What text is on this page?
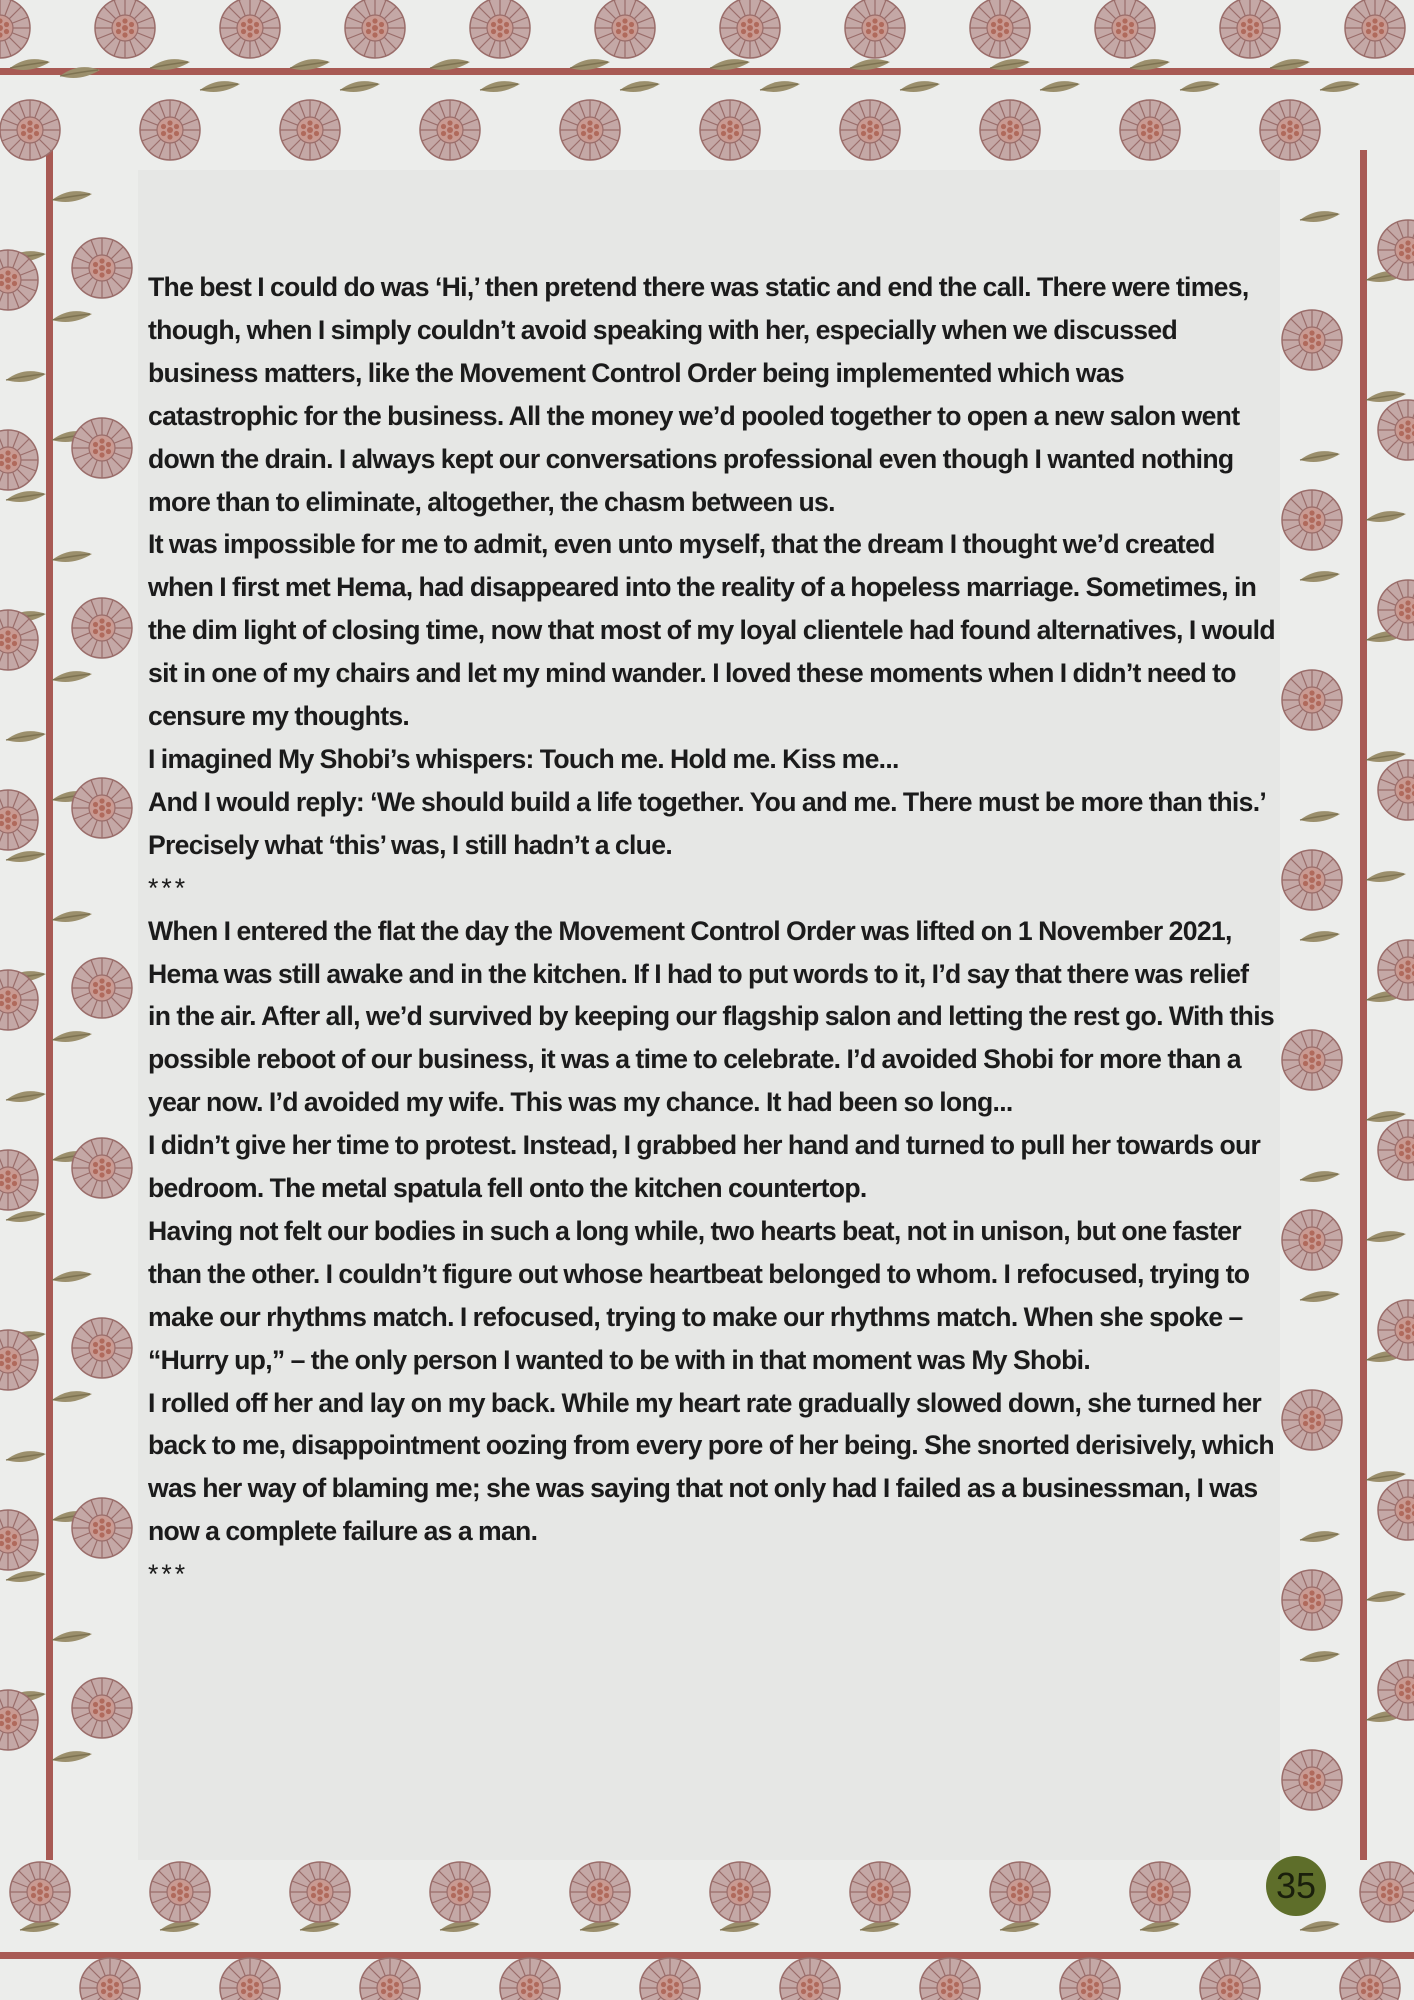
The best I could do was ‘Hi,’ then pretend there was static and end the call. There were times, though, when I simply couldn’t avoid speaking with her, especially when we discussed business matters, like the Movement Control Order being implemented which was catastrophic for the business. All the money we’d pooled together to open a new salon went down the drain. I always kept our conversations professional even though I wanted nothing more than to eliminate, altogether, the chasm between us.

It was impossible for me to admit, even unto myself, that the dream I thought we’d created when I first met Hema, had disappeared into the reality of a hopeless marriage. Sometimes, in the dim light of closing time, now that most of my loyal clientele had found alternatives, I would sit in one of my chairs and let my mind wander. I loved these moments when I didn’t need to censure my thoughts.

I imagined My Shobi’s whispers: Touch me. Hold me. Kiss me...

And I would reply: ‘We should build a life together. You and me. There must be more than this.’

Precisely what ‘this’ was, I still hadn’t a clue.

***

When I entered the flat the day the Movement Control Order was lifted on 1 November 2021, Hema was still awake and in the kitchen. If I had to put words to it, I’d say that there was relief in the air. After all, we’d survived by keeping our flagship salon and letting the rest go. With this possible reboot of our business, it was a time to celebrate. I’d avoided Shobi for more than a year now. I’d avoided my wife. This was my chance. It had been so long...

I didn’t give her time to protest. Instead, I grabbed her hand and turned to pull her towards our bedroom. The metal spatula fell onto the kitchen countertop.

Having not felt our bodies in such a long while, two hearts beat, not in unison, but one faster than the other. I couldn’t figure out whose heartbeat belonged to whom. I refocused, trying to make our rhythms match. I refocused, trying to make our rhythms match. When she spoke – “Hurry up,” – the only person I wanted to be with in that moment was My Shobi.

I rolled off her and lay on my back. While my heart rate gradually slowed down, she turned her back to me, disappointment oozing from every pore of her being. She snorted derisively, which was her way of blaming me; she was saying that not only had I failed as a businessman, I was now a complete failure as a man.

***

35
